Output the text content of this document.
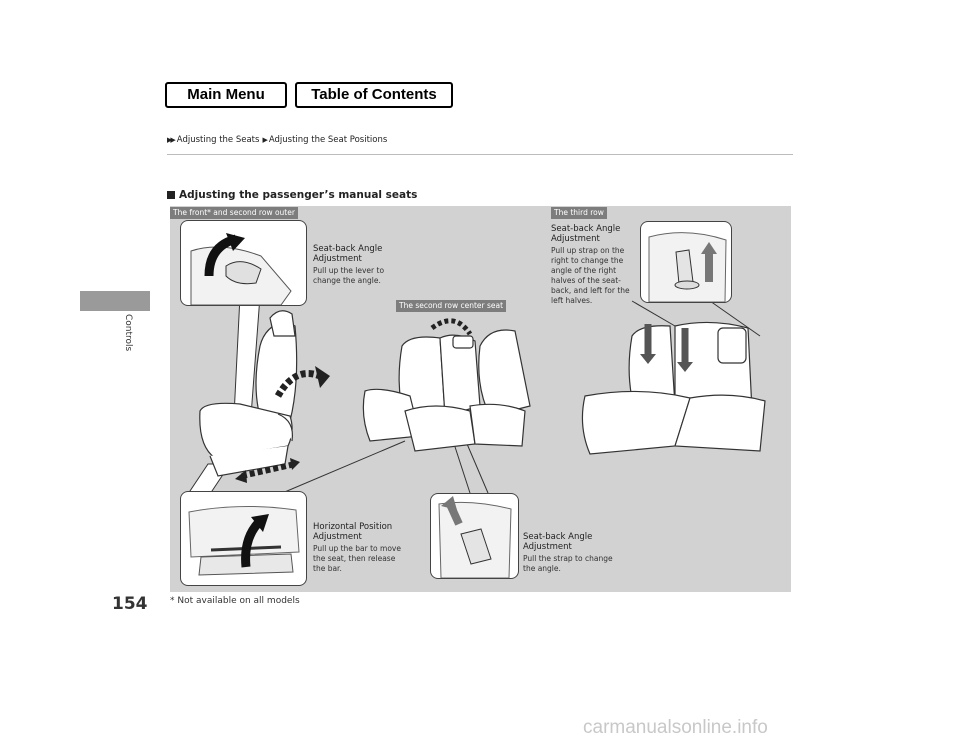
Main Menu	Table of Contents
▶▶ Adjusting the Seats ▶ Adjusting the Seat Positions
Controls
154
Adjusting the passenger’s manual seats
The front* and second row outer
The second row center seat
The third row
Seat-back Angle
Adjustment
Pull up the lever to
change the angle.
Horizontal Position
Adjustment
Pull up the bar to move
the seat, then release
the bar.
Seat-back Angle
Adjustment
Pull the strap to change
the angle.
Seat-back Angle
Adjustment
Pull up strap on the
right to change the
angle of the right
halves of the seat-
back, and left for the
left halves.
* Not available on all models
carmanualsonline.info
